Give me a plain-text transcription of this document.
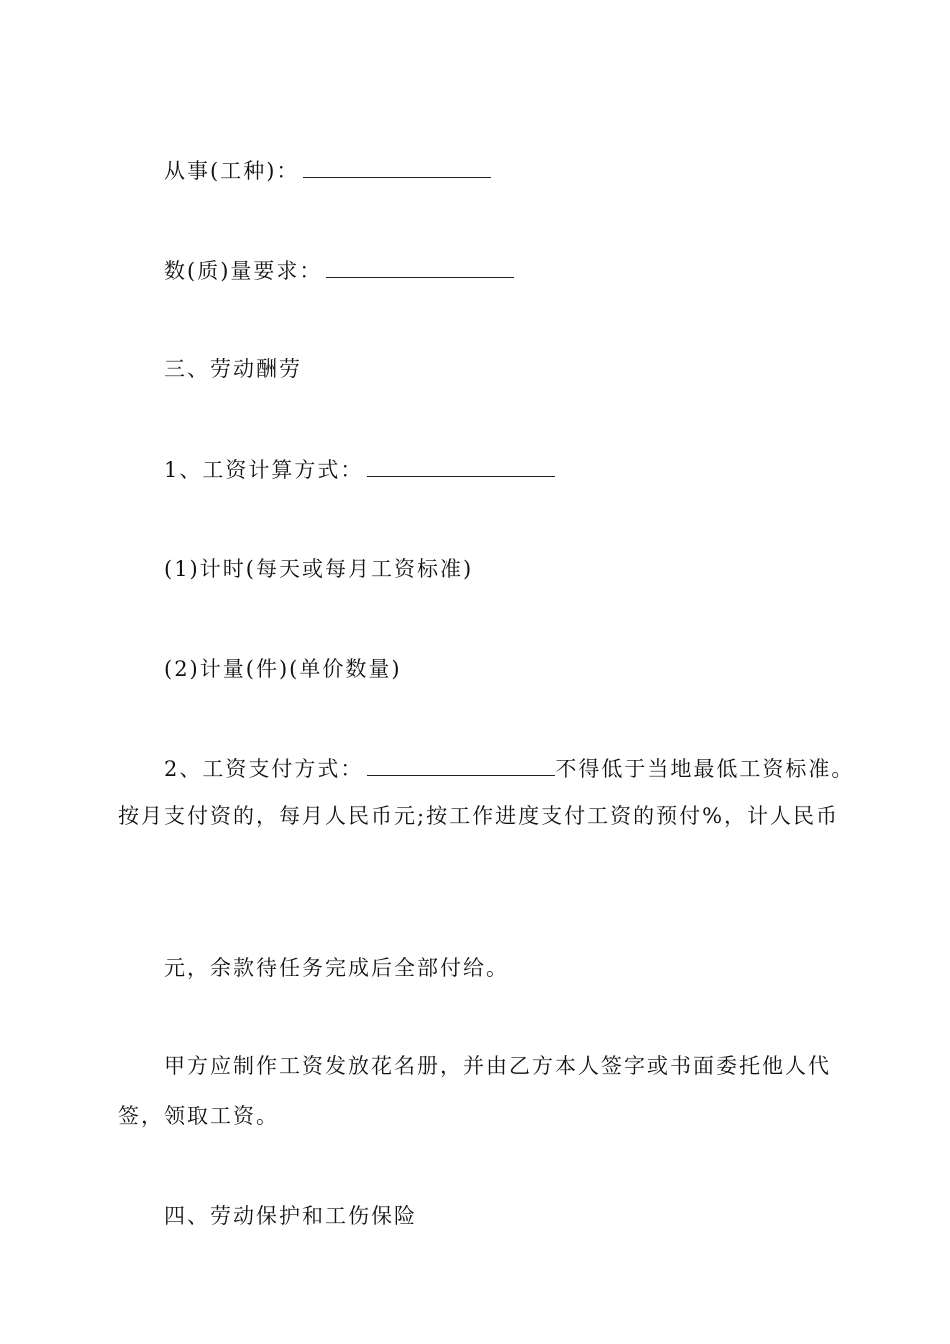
从事(工种)：
数(质)量要求：
三、劳动酬劳
1、工资计算方式：
(1)计时(每天或每月工资标准)
(2)计量(件)(单价数量)
2、工资支付方式：	不得低于当地最低工资标准。
按月支付资的，每月人民币元;按工作进度支付工资的预付%，计人民币
元，余款待任务完成后全部付给。
甲方应制作工资发放花名册，并由乙方本人签字或书面委托他人代
签，领取工资。
四、劳动保护和工伤保险
